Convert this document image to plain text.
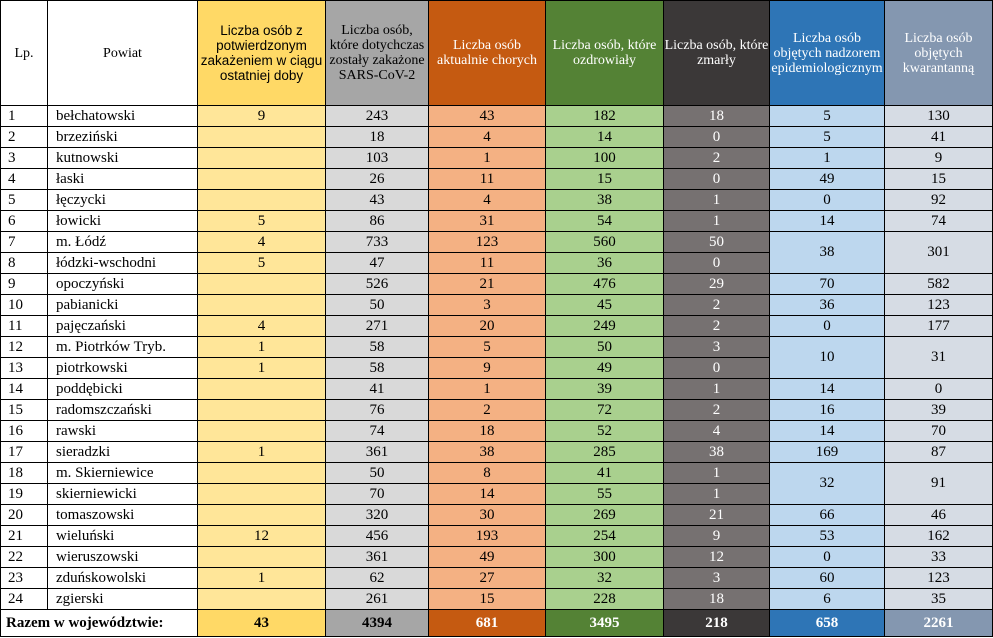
Lp.	Powiat	Liczba osób z potwierdzonym zakażeniem w ciągu ostatniej doby	Liczba osób, które dotychczas zostały zakażone SARS-CoV-2	Liczba osób aktualnie chorych	Liczba osób, które ozdrowiały	Liczba osób, które zmarły	Liczba osób objętych nadzorem epidemiologicznym	Liczba osób objętych kwarantanną
1	bełchatowski	9	243	43	182	18	5	130
2	brzeziński		18	4	14	0	5	41
3	kutnowski		103	1	100	2	1	9
4	łaski		26	11	15	0	49	15
5	łęczycki		43	4	38	1	0	92
6	łowicki	5	86	31	54	1	14	74
7	m. Łódź	4	733	123	560	50	38	301
8	łódzki-wschodni	5	47	11	36	0		
9	opoczyński		526	21	476	29	70	582
10	pabianicki		50	3	45	2	36	123
11	pajęczański	4	271	20	249	2	0	177
12	m. Piotrków Tryb.	1	58	5	50	3	10	31
13	piotrkowski	1	58	9	49	0		
14	poddębicki		41	1	39	1	14	0
15	radomszczański		76	2	72	2	16	39
16	rawski		74	18	52	4	14	70
17	sieradzki	1	361	38	285	38	169	87
18	m. Skierniewice		50	8	41	1	32	91
19	skierniewicki		70	14	55	1		
20	tomaszowski		320	30	269	21	66	46
21	wieluński	12	456	193	254	9	53	162
22	wieruszowski		361	49	300	12	0	33
23	zduńskowolski	1	62	27	32	3	60	123
24	zgierski		261	15	228	18	6	35
Razem w województwie:		43	4394	681	3495	218	658	2261
